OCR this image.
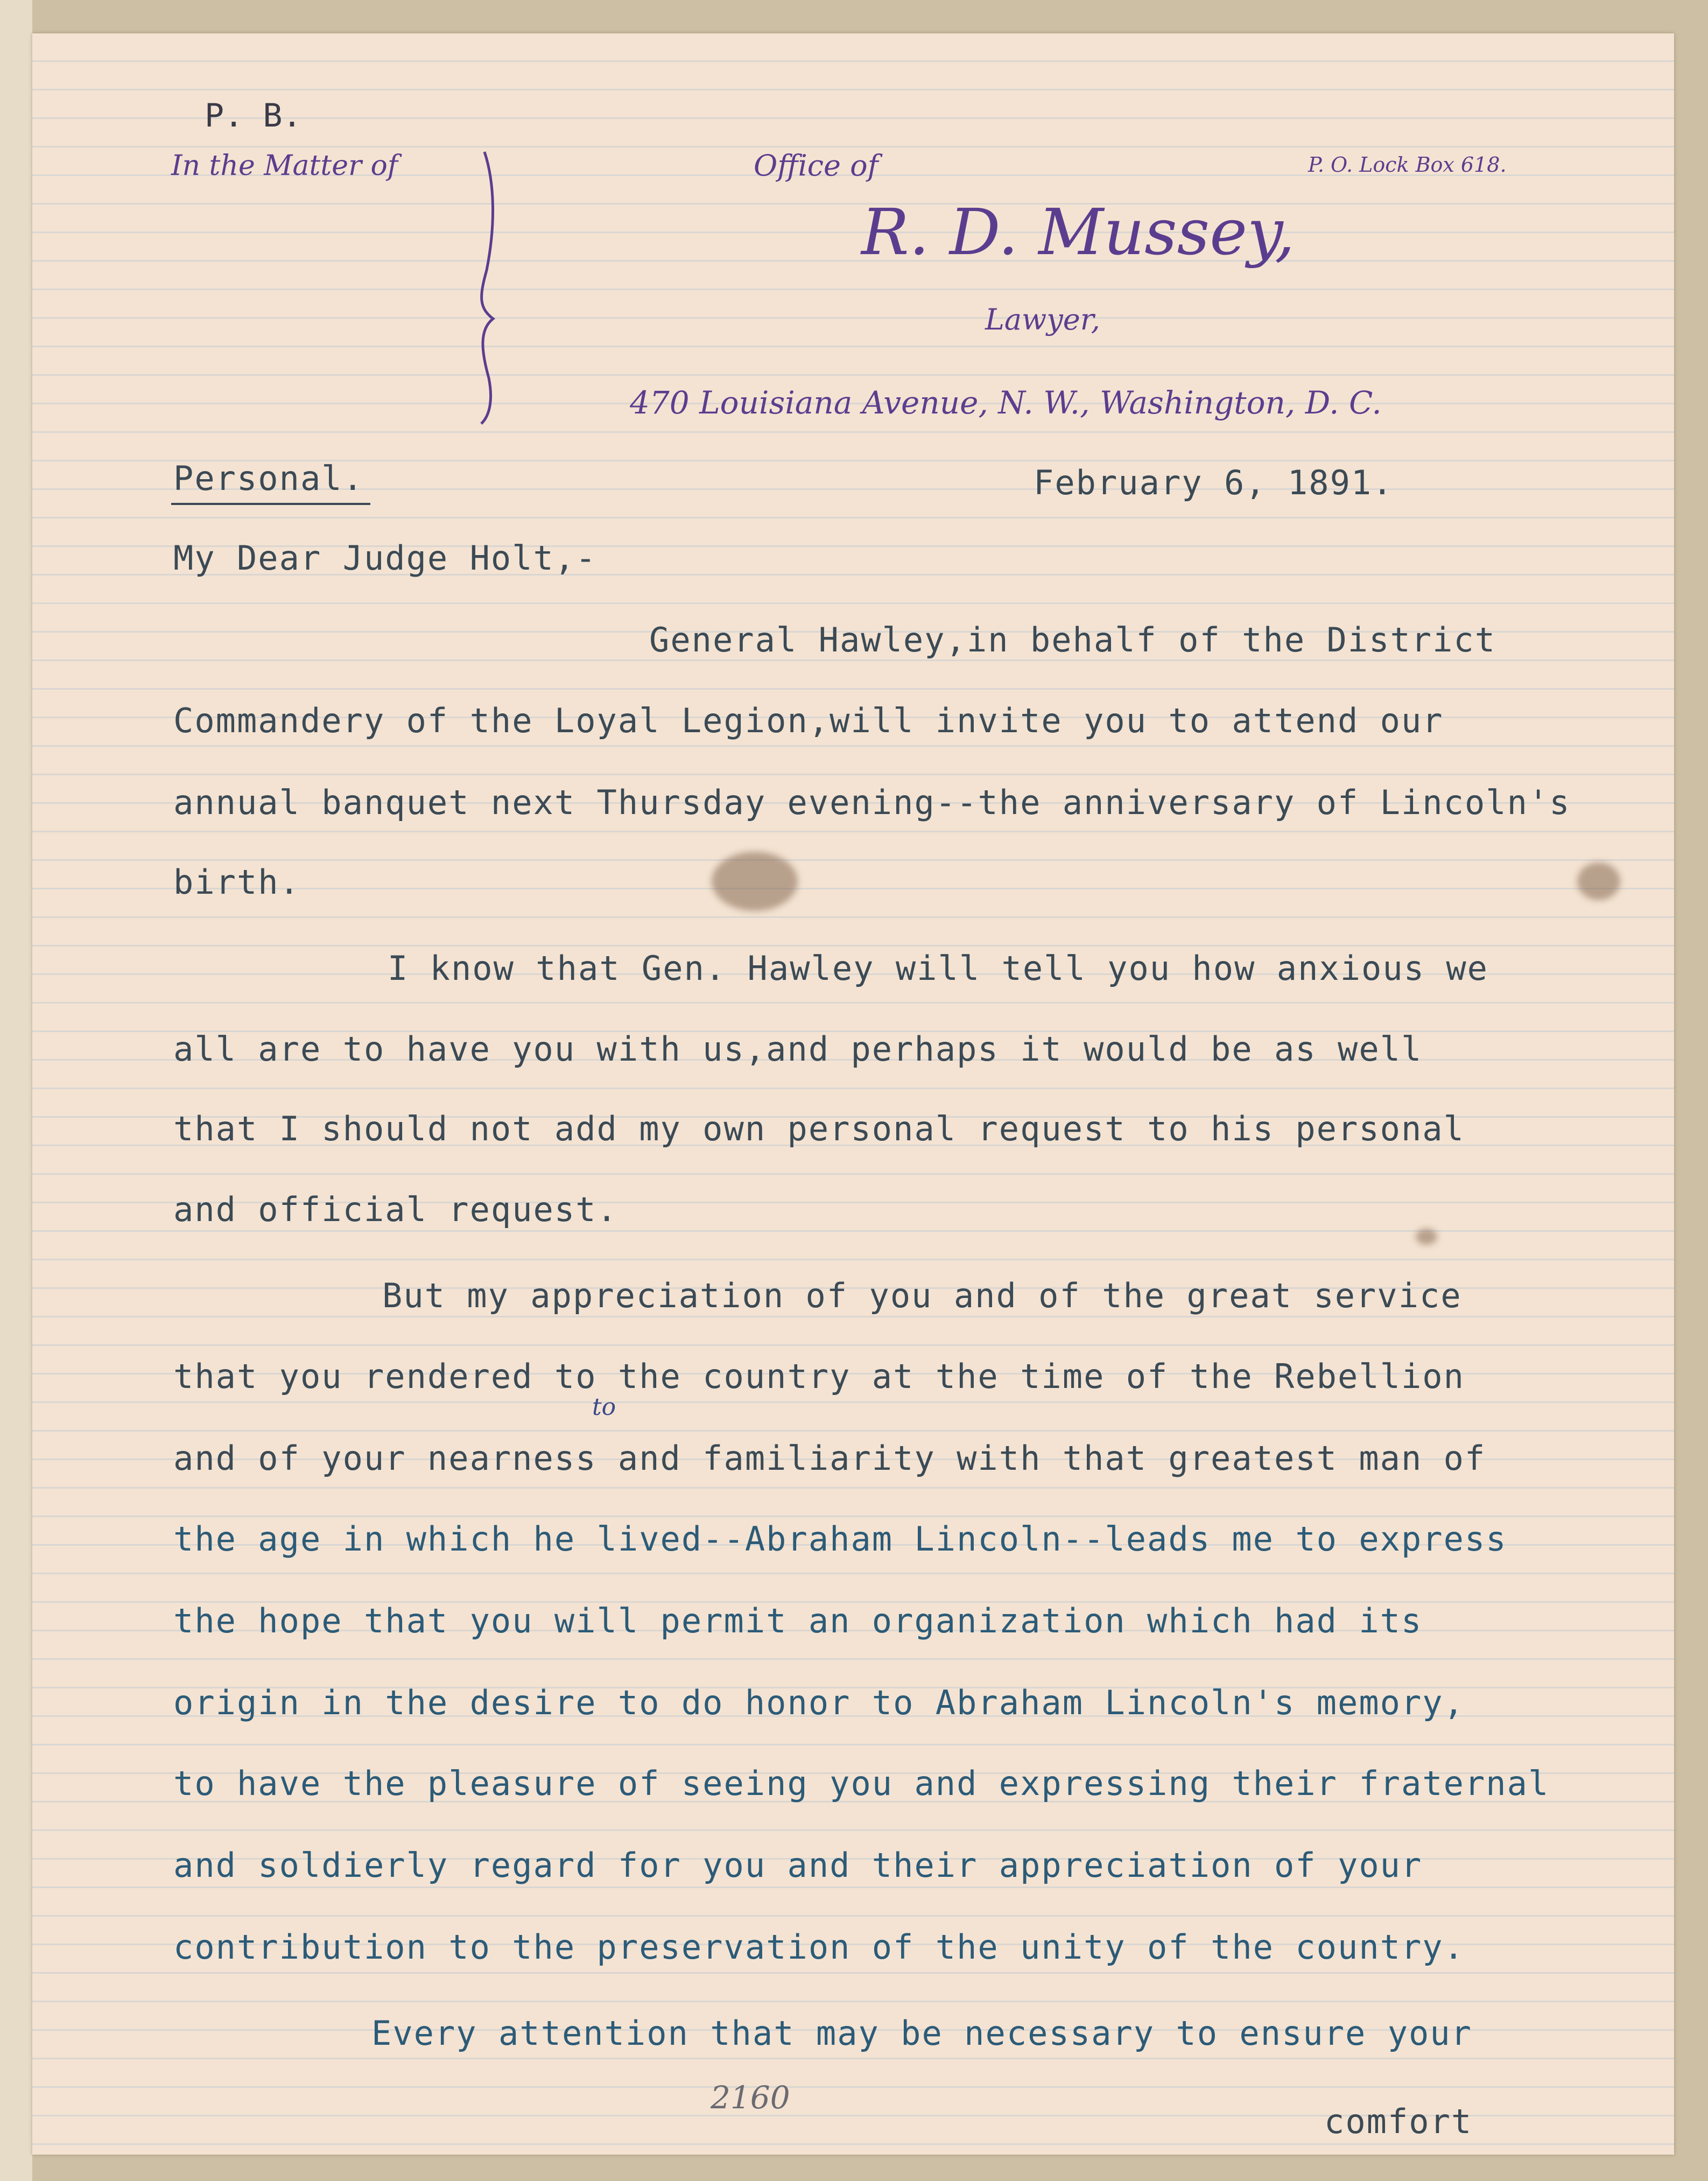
P. B.
In the Matter of	Office of	P. O. Lock Box 618.
R. D. Mussey,
Lawyer,
470 Louisiana Avenue, N. W., Washington, D. C.
Personal.	February 6, 1891.
My Dear Judge Holt,-
General Hawley,in behalf of the District
Commandery of the Loyal Legion,will invite you to attend our
annual banquet next Thursday evening--the anniversary of Lincoln's
birth.
I know that Gen. Hawley will tell you how anxious we
all are to have you with us,and perhaps it would be as well
that I should not add my own personal request to his personal
and official request.
But my appreciation of you and of the great service
that you rendered to the country at the time of the Rebellion
to
and of your nearness and familiarity with that greatest man of
the age in which he lived--Abraham Lincoln--leads me to express
the hope that you will permit an organization which had its
origin in the desire to do honor to Abraham Lincoln's memory,
to have the pleasure of seeing you and expressing their fraternal
and soldierly regard for you and their appreciation of your
contribution to the preservation of the unity of the country.
Every attention that may be necessary to ensure your
2160
comfort
